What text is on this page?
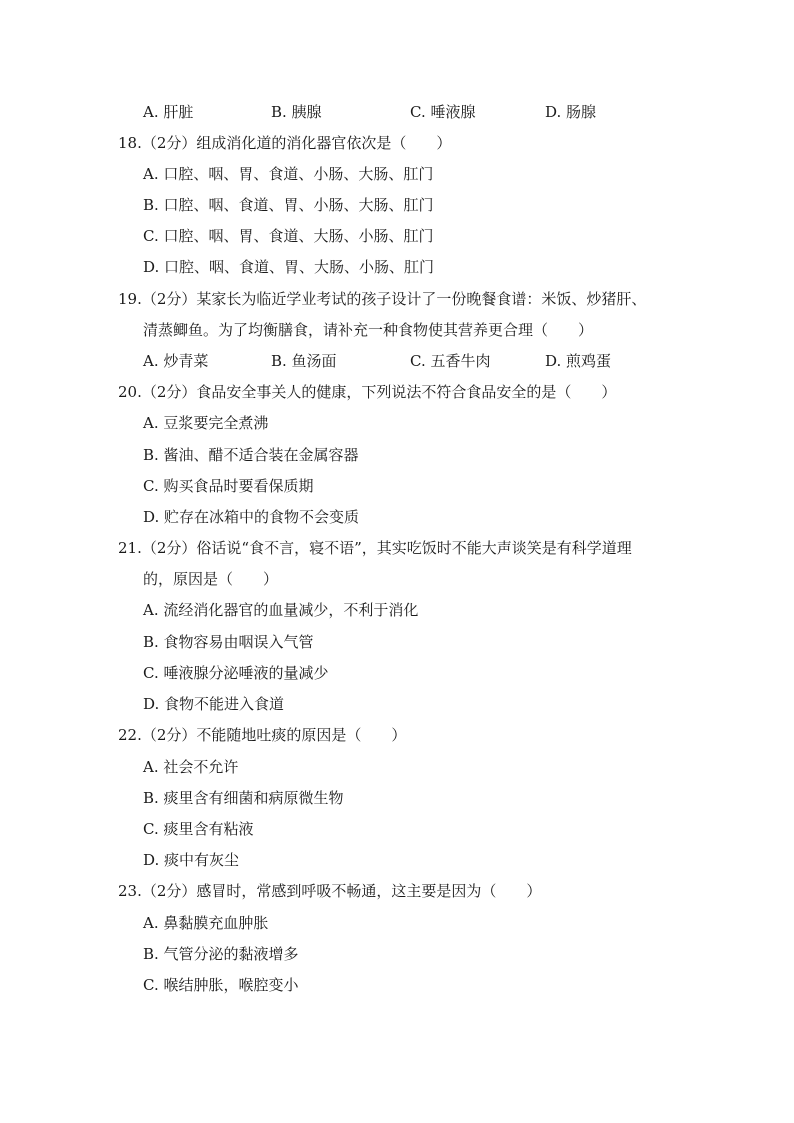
A. 肝脏	B. 胰腺	C. 唾液腺	D. 肠腺
18.（2分）组成消化道的消化器官依次是（　　）
A. 口腔、咽、胃、食道、小肠、大肠、肛门
B. 口腔、咽、食道、胃、小肠、大肠、肛门
C. 口腔、咽、胃、食道、大肠、小肠、肛门
D. 口腔、咽、食道、胃、大肠、小肠、肛门
19.（2分）某家长为临近学业考试的孩子设计了一份晚餐食谱：米饭、炒猪肝、
清蒸鲫鱼。为了均衡膳食，请补充一种食物使其营养更合理（　　）
A. 炒青菜	B. 鱼汤面	C. 五香牛肉	D. 煎鸡蛋
20.（2分）食品安全事关人的健康，下列说法不符合食品安全的是（　　）
A. 豆浆要完全煮沸
B. 酱油、醋不适合装在金属容器
C. 购买食品时要看保质期
D. 贮存在冰箱中的食物不会变质
21.（2分）俗话说“食不言，寝不语”，其实吃饭时不能大声谈笑是有科学道理
的，原因是（　　）
A. 流经消化器官的血量减少，不利于消化
B. 食物容易由咽误入气管
C. 唾液腺分泌唾液的量减少
D. 食物不能进入食道
22.（2分）不能随地吐痰的原因是（　　）
A. 社会不允许
B. 痰里含有细菌和病原微生物
C. 痰里含有粘液
D. 痰中有灰尘
23.（2分）感冒时，常感到呼吸不畅通，这主要是因为（　　）
A. 鼻黏膜充血肿胀
B. 气管分泌的黏液增多
C. 喉结肿胀，喉腔变小
